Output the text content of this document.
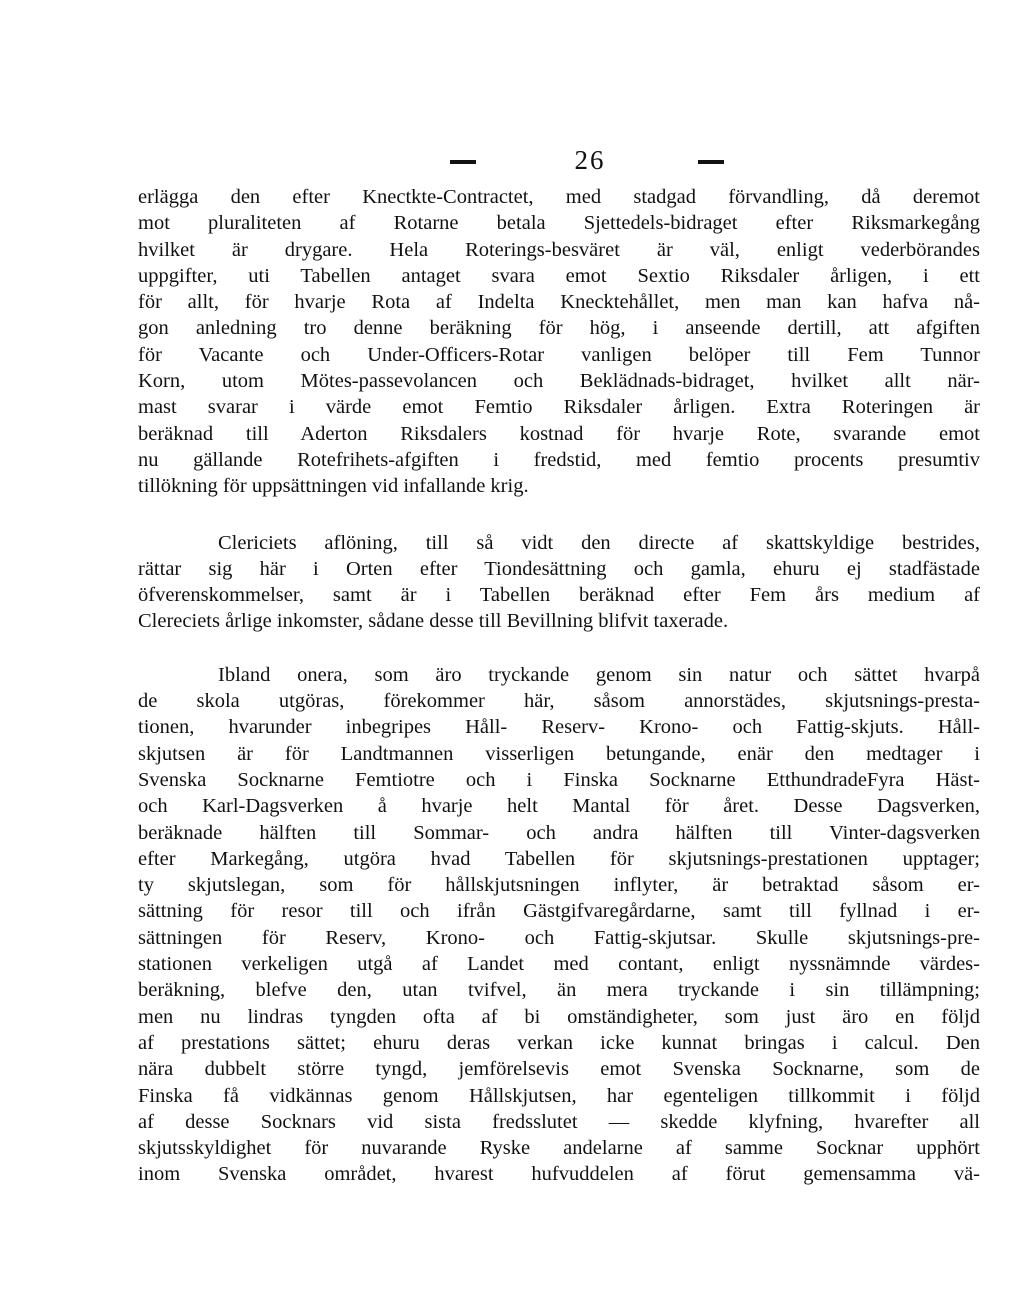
26
erlägga den efter Knectkte-Contractet, med stadgad förvandling, då deremot
mot pluraliteten af Rotarne betala Sjettedels-bidraget efter Riksmarkegång
hvilket är drygare. Hela Roterings-besväret är väl, enligt vederbörandes
uppgifter, uti Tabellen antaget svara emot Sextio Riksdaler årligen, i ett
för allt, för hvarje Rota af Indelta Knecktehållet, men man kan hafva nå-
gon anledning tro denne beräkning för hög, i anseende dertill, att afgiften
för Vacante och Under-Officers-Rotar vanligen belöper till Fem Tunnor
Korn, utom Mötes-passevolancen och Beklädnads-bidraget, hvilket allt när-
mast svarar i värde emot Femtio Riksdaler årligen. Extra Roteringen är
beräknad till Aderton Riksdalers kostnad för hvarje Rote, svarande emot
nu gällande Rotefrihets-afgiften i fredstid, med femtio procents presumtiv
tillökning för uppsättningen vid infallande krig.
Clericiets aflöning, till så vidt den directe af skattskyldige bestrides,
rättar sig här i Orten efter Tiondesättning och gamla, ehuru ej stadfästade
öfverenskommelser, samt är i Tabellen beräknad efter Fem års medium af
Clereciets årlige inkomster, sådane desse till Bevillning blifvit taxerade.
Ibland onera, som äro tryckande genom sin natur och sättet hvarpå
de skola utgöras, förekommer här, såsom annorstädes, skjutsnings-presta-
tionen, hvarunder inbegripes Håll- Reserv- Krono- och Fattig-skjuts. Håll-
skjutsen är för Landtmannen visserligen betungande, enär den medtager i
Svenska Socknarne Femtiotre och i Finska Socknarne EtthundradeFyra Häst-
och Karl-Dagsverken å hvarje helt Mantal för året. Desse Dagsverken,
beräknade hälften till Sommar- och andra hälften till Vinter-dagsverken
efter Markegång, utgöra hvad Tabellen för skjutsnings-prestationen upptager;
ty skjutslegan, som för hållskjutsningen inflyter, är betraktad såsom er-
sättning för resor till och ifrån Gästgifvaregårdarne, samt till fyllnad i er-
sättningen för Reserv, Krono- och Fattig-skjutsar. Skulle skjutsnings-pre-
stationen verkeligen utgå af Landet med contant, enligt nyssnämnde värdes-
beräkning, blefve den, utan tvifvel, än mera tryckande i sin tillämpning;
men nu lindras tyngden ofta af bi omständigheter, som just äro en följd
af prestations sättet; ehuru deras verkan icke kunnat bringas i calcul. Den
nära dubbelt större tyngd, jemförelsevis emot Svenska Socknarne, som de
Finska få vidkännas genom Hållskjutsen, har egenteligen tillkommit i följd
af desse Socknars vid sista fredsslutet — skedde klyfning, hvarefter all
skjutsskyldighet för nuvarande Ryske andelarne af samme Socknar upphört
inom Svenska området, hvarest hufvuddelen af förut gemensamma vä-
